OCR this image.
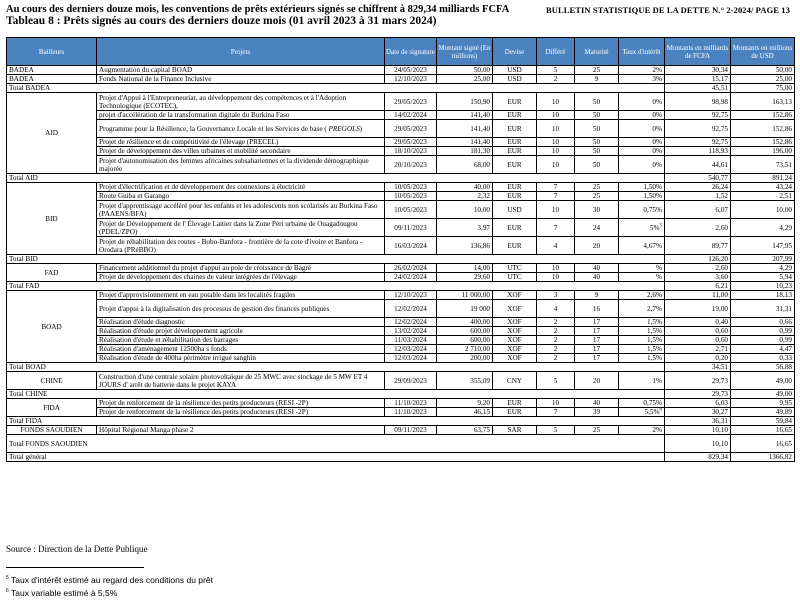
Au cours des derniers douze mois, les conventions de prêts extérieurs signés se chiffrent à 829,34 milliards FCFA
Tableau 8 : Prêts signés au cours des derniers douze mois (01 avril 2023 à 31 mars 2024)
BULLETIN STATISTIQUE DE LA DETTE N.° 2-2024/ PAGE 13
Bailleurs	Projets	Date de signature	Montant signé (En millions)	Devise	Différé	Maturité	Taux d'intérêt	Montants en milliards de FCFA	Montants en millions de USD
BADEA	Augmentation du capital BOAD	24/05/2023	50,00	USD	5	25	2%	30,34	50,00
BADEA	Fonds National de la Finance Inclusive	12/10/2023	25,00	USD	2	9	3%	15,17	25,00
Total BADEA								45,51	75,00
AID	Projet d'Appui à l'Entrepreneuriat, au développement des compétences et à l'Adoption Technologique (ECOTEC),	29/05/2023	150,90	EUR	10	50	0%	98,98	163,13
	projet d'accélération de la transformation digitale du Burkina Faso	14/02/2024	141,40	EUR	10	50	0%	92,75	152,86
	Programme pour la Résilience, la Gouvernance Locale et les Services de base ( PREGOLS)	29/05/2023	141,40	EUR	10	50	0%	92,75	152,86
	Projet de résilience et de compétitivité de l'élevage (PRECEL)	29/05/2023	141,40	EUR	10	50	0%	92,75	152,86
	Projet de développement des villes urbaines et mobilité secondaire	18/10/2023	181,30	EUR	10	50	0%	118,93	196,00
	Projet d'autonomisation des femmes africaines subsahariennes et la dividende démographique majorée	20/10/2023	68,00	EUR	10	50	0%	44,61	73,51
Total AID								540,77	891,24
BID	Projet d'électrification et de développement des connexions à électricité	10/05/2023	40,00	EUR	7	25	1,50%	26,24	43,24
	Route Guiba et Garango	10/05/2023	2,32	EUR	7	25	1,50%	1,52	2,51
	Projet d'apprentissage accéléré pour les enfants et les adolescents non scolarisés au Burkina Faso (PAAENS/BFA)	10/05/2023	10,00	USD	10	30	0,75%	6,07	10,00
	Projet de Développement de l' Élevage Laitier dans la Zone Péri urbaine de Ouagadougou (PDEL/ZPO)	09/11/2023	3,97	EUR	7	24	5%$^5$	2,60	4,29
	Projet de réhabilitation des routes - Bobo-Banfora - frontière de la cote d'ivoire et Banfora -Orodara (PRéBBO)	16/03/2024	136,86	EUR	4	20	4,67%	89,77	147,95
Total BID								126,20	207,99
FAD	Financement additionnel du projet d'appui au pole de croissance de Bagré	26/02/2024	14,00	UTC	10	40	%	2,60	4,29
	Projet de développement des chaines de valeur intégrées de l'élevage	24/02/2024	29,60	UTC	10	40	%	3,60	5,94
Total FAD								6,21	10,23
BOAD	Projet d'approvisionnement en eau potable dans les localités fragiles	12/10/2023	11 000,00	XOF	3	9	2,6%	11,00	18,13
	Projet d'appui à la digitalisation des processus de gestion des finances publiques	12/02/2024	19 000	XOF	4	16	2,7%	19,00	31,31
	Réalisation d'étude diagnostic	12/02/2024	400,00	XOF	2	17	1,5%	0,40	0,66
	Réalisation d'étude projet développement agricole	13/02/2024	600,00	XOF	2	17	1,5%	0,60	0,99
	Réalisation d'étude et réhabilitation des barrages	11/03/2024	600,00	XOF	2	17	1,5%	0,60	0,99
	Réalisation d'aménagement 12500ha s fonds	12/03/2024	2 710,00	XOF	2	17	1,5%	2,71	4,47
	Réalisation d'étude de 400ha périmètre irrigué sanghin	12/03/2024	200,00	XOF	2	17	1,5%	0,20	0,33
Total BOAD								34,51	56,88
CHINE	Construction d'une centrale solaire photovoltaïque de 25 MWC avec stockage de 5 MW ET 4 JOURS d' arrêt de batterie dans le projet KAYA	29/09/2023	355,09	CNY	5	20	1%	29,73	49,00
Total CHINE								29,73	49,00
FIDA	Projet de renforcement de la résilience des petits producteurs (RESI -2P)	11/10/2023	9,20	EUR	10	40	0,75%	6,03	9,95
	Projet de renforcement de la résilience des petits producteurs (RESI -2P)	11/10/2023	46,15	EUR	7	39	5,5%$^6$	30,27	49,89
Total FIDA								36,31	59,84
FONDS SAOUDIEN	Hôpital Régional Manga phase 2	09/11/2023	63,75	SAR	5	25	2%	10,10	16,65
Total FONDS SAOUDIEN								10,10	16,65
Total général								829,34	1366,82
Source : Direction de la Dette Publique
$^5$ Taux d'intérêt estimé au regard des conditions du prêt
$^6$ Taux variable estimé à 5,5%
